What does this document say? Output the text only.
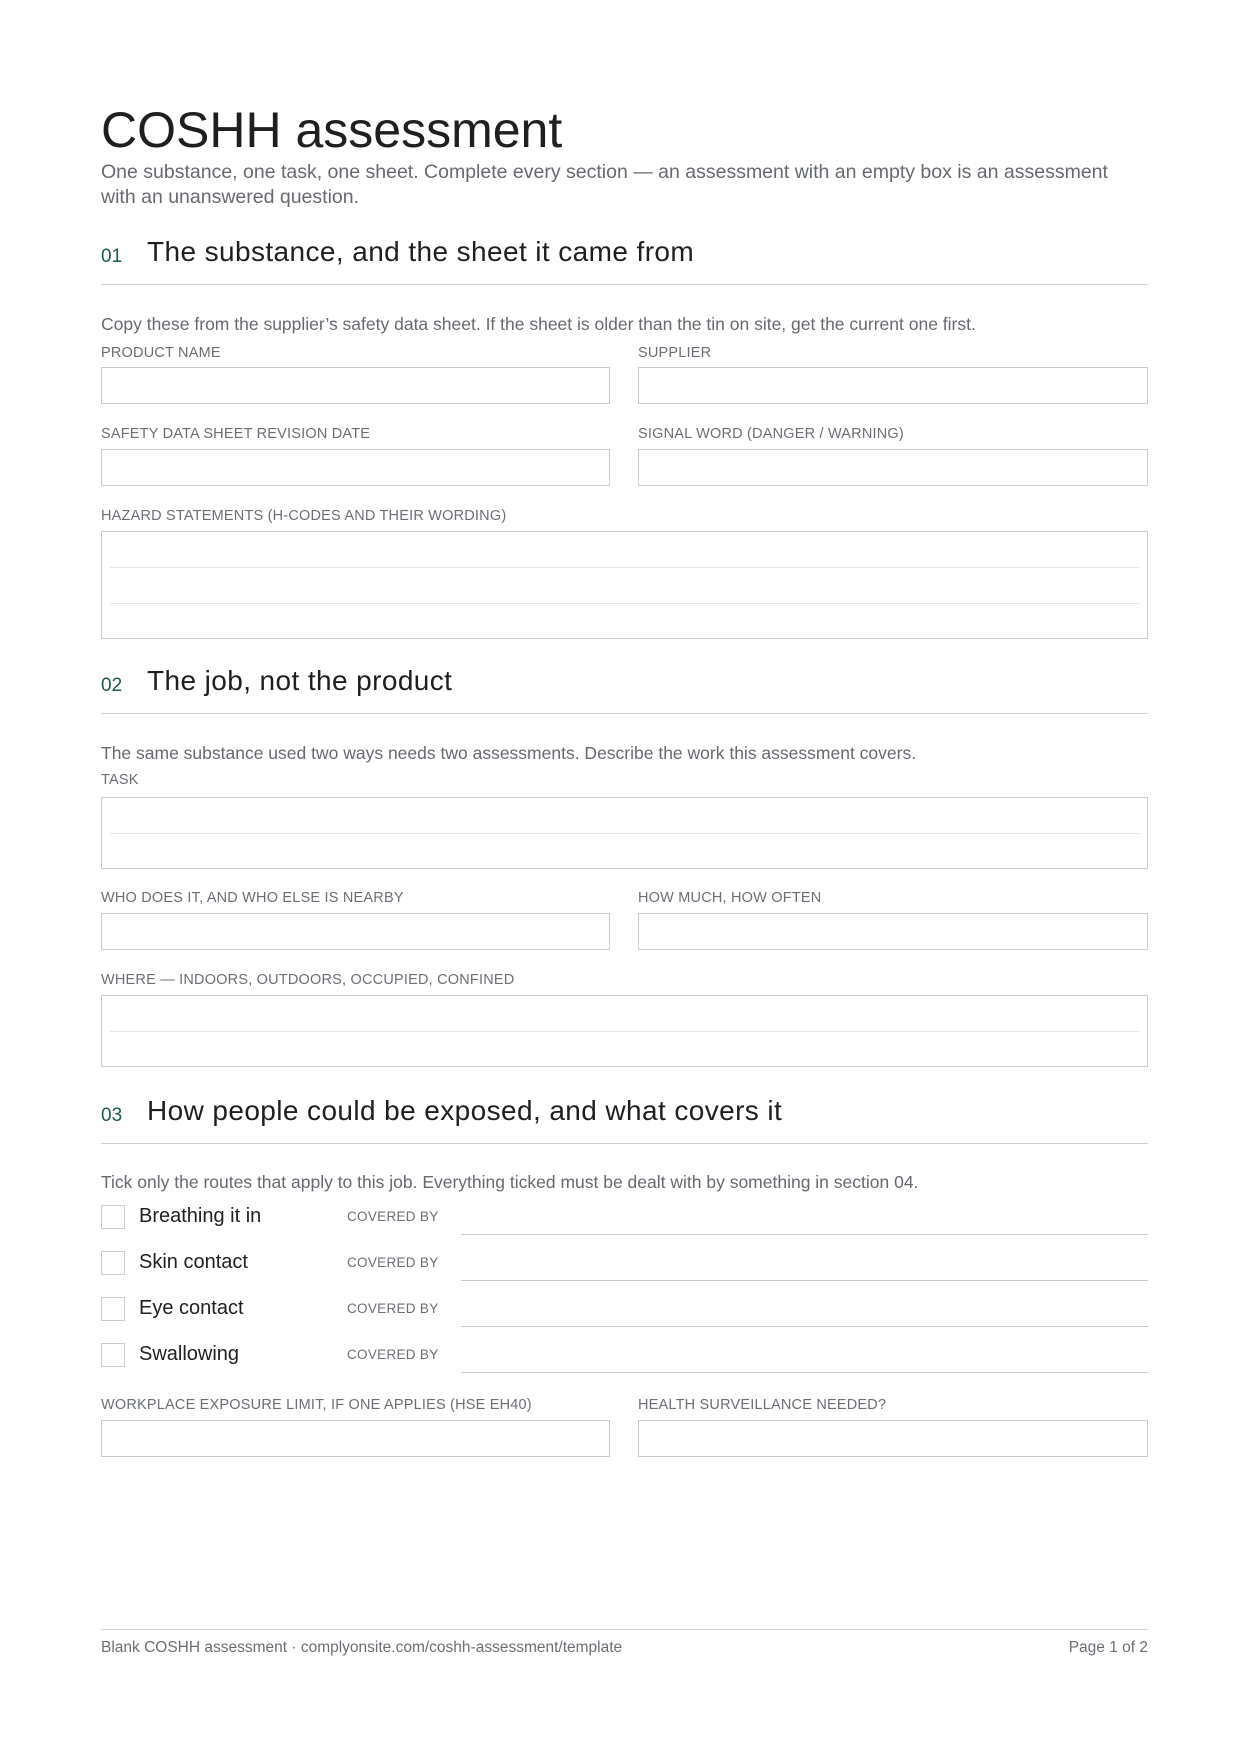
COSHH assessment
One substance, one task, one sheet. Complete every section — an assessment with an empty box is an assessment with an unanswered question.
01 The substance, and the sheet it came from
Copy these from the supplier’s safety data sheet. If the sheet is older than the tin on site, get the current one first.
PRODUCT NAME	SUPPLIER
SAFETY DATA SHEET REVISION DATE	SIGNAL WORD (DANGER / WARNING)
HAZARD STATEMENTS (H-CODES AND THEIR WORDING)
02 The job, not the product
The same substance used two ways needs two assessments. Describe the work this assessment covers.
TASK
WHO DOES IT, AND WHO ELSE IS NEARBY	HOW MUCH, HOW OFTEN
WHERE — INDOORS, OUTDOORS, OCCUPIED, CONFINED
03 How people could be exposed, and what covers it
Tick only the routes that apply to this job. Everything ticked must be dealt with by something in section 04.
Breathing it in	COVERED BY
Skin contact	COVERED BY
Eye contact	COVERED BY
Swallowing	COVERED BY
WORKPLACE EXPOSURE LIMIT, IF ONE APPLIES (HSE EH40)	HEALTH SURVEILLANCE NEEDED?
Blank COSHH assessment · complyonsite.com/coshh-assessment/template	Page 1 of 2
